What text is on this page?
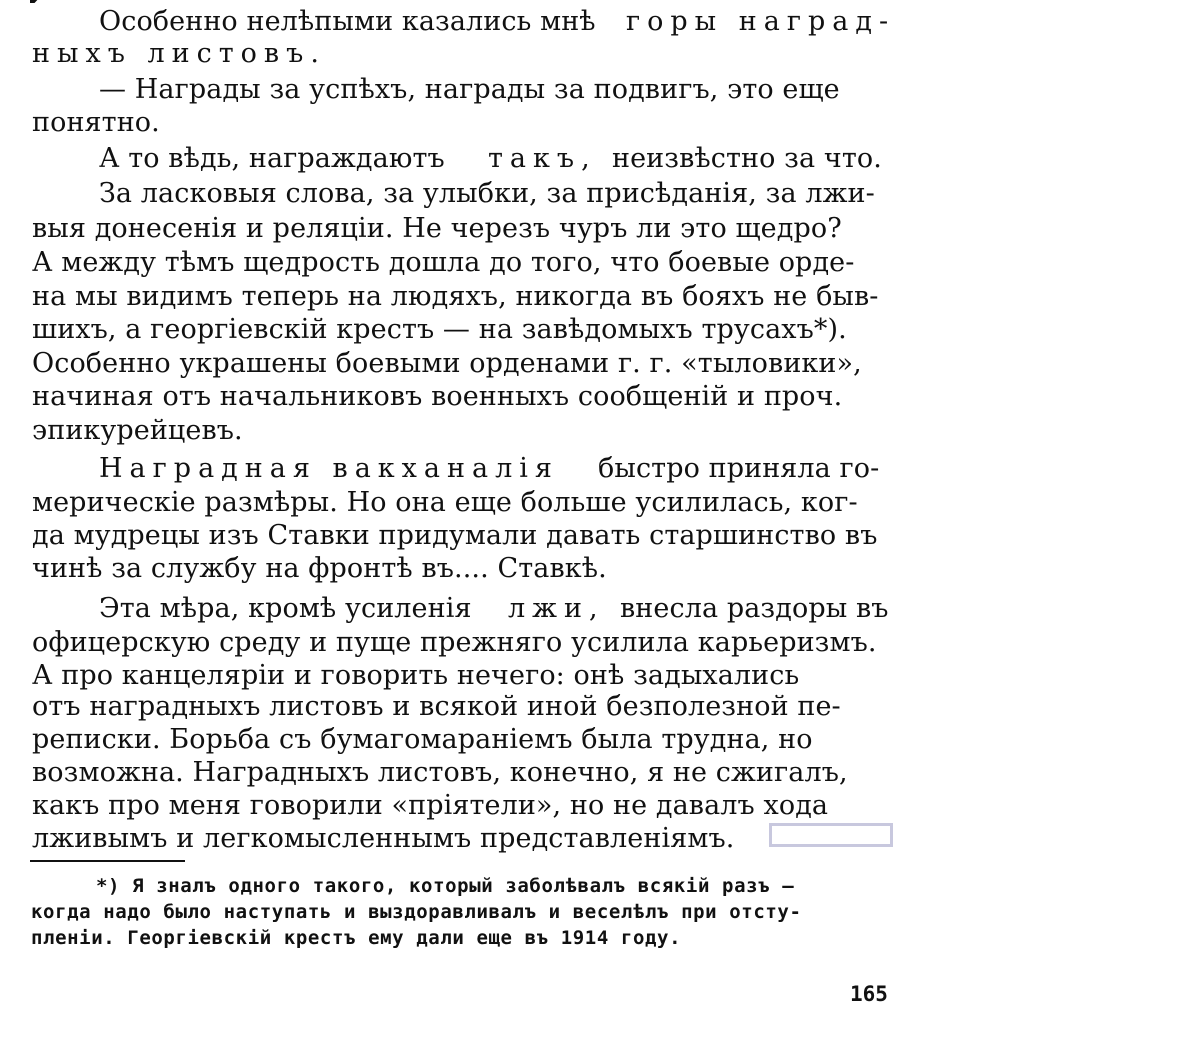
Особенно нелѣпыми казались мнѣ горы наград-
ныхъ листовъ.
— Награды за успѣхъ, награды за подвигъ, это еще
понятно.
А то вѣдь, награждаютъ такъ, неизвѣстно за что.
За ласковыя слова, за улыбки, за присѣданія, за лжи-
выя донесенія и реляціи. Не черезъ чуръ ли это щедро?
А между тѣмъ щедрость дошла до того, что боевые орде-
на мы видимъ теперь на людяхъ, никогда въ бояхъ не быв-
шихъ, а георгіевскій крестъ — на завѣдомыхъ трусахъ*).
Особенно украшены боевыми орденами г. г. «тыловики»,
начиная отъ начальниковъ военныхъ сообщеній и проч.
эпикурейцевъ.
Наградная вакханалія быстро приняла го-
мерическіе размѣры. Но она еще больше усилилась, ког-
да мудрецы изъ Ставки придумали давать старшинство въ
чинѣ за службу на фронтѣ въ.... Ставкѣ.
Эта мѣра, кромѣ усиленія лжи, внесла раздоры въ
офицерскую среду и пуще прежняго усилила карьеризмъ.
А про канцеляріи и говорить нечего: онѣ задыхались
отъ наградныхъ листовъ и всякой иной безполезной пе-
реписки. Борьба съ бумагомараніемъ была трудна, но
возможна. Наградныхъ листовъ, конечно, я не сжигалъ,
какъ про меня говорили «пріятели», но не давалъ хода
лживымъ и легкомысленнымъ представленіямъ.
*) Я зналъ одного такого, который заболѣвалъ всякій разъ —
когда надо было наступать и выздоравливалъ и веселѣлъ при отсту-
пленіи. Георгіевскій крестъ ему дали еще въ 1914 году.
165
